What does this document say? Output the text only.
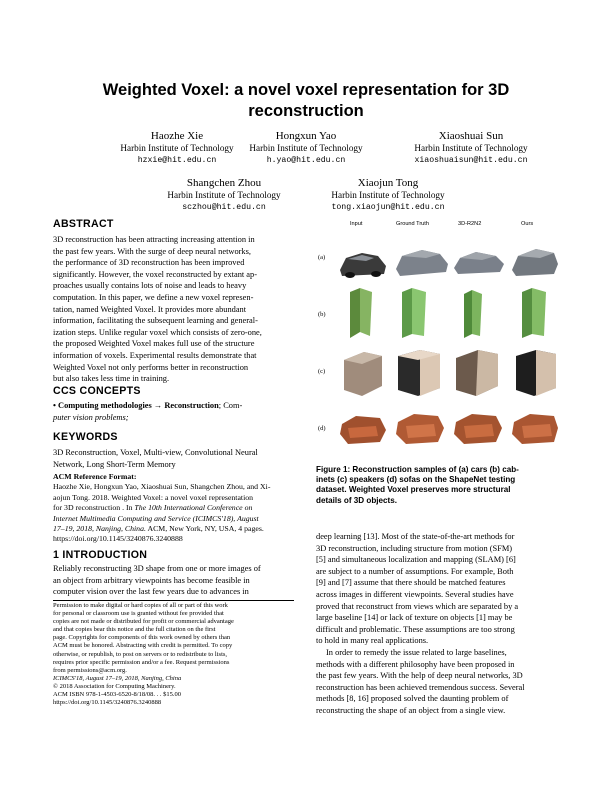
Weighted Voxel: a novel voxel representation for 3D
reconstruction
Haozhe Xie
Harbin Institute of Technology
hzxie@hit.edu.cn
Hongxun Yao
Harbin Institute of Technology
h.yao@hit.edu.cn
Xiaoshuai Sun
Harbin Institute of Technology
xiaoshuaisun@hit.edu.cn
Shangchen Zhou
Harbin Institute of Technology
sczhou@hit.edu.cn
Xiaojun Tong
Harbin Institute of Technology
tong.xiaojun@hit.edu.cn
ABSTRACT

3D reconstruction has been attracting increasing attention in

the past few years. With the surge of deep neural networks,

the performance of 3D reconstruction has been improved

significantly. However, the voxel reconstructed by extant ap-

proaches usually contains lots of noise and leads to heavy

computation. In this paper, we define a new voxel represen-

tation, named Weighted Voxel. It provides more abundant

information, facilitating the subsequent learning and general-

ization steps. Unlike regular voxel which consists of zero-one,

the proposed Weighted Voxel makes full use of the structure

information of voxels. Experimental results demonstrate that

Weighted Voxel not only performs better in reconstruction

but also takes less time in training.

CCS CONCEPTS

• Computing methodologies → Reconstruction; Com-

puter vision problems;

KEYWORDS

3D Reconstruction, Voxel, Multi-view, Convolutional Neural

Network, Long Short-Term Memory

ACM Reference Format:

Haozhe Xie, Hongxun Yao, Xiaoshuai Sun, Shangchen Zhou, and Xi-

aojun Tong. 2018. Weighted Voxel: a novel voxel representation

for 3D reconstruction . In The 10th International Conference on

Internet Multimedia Computing and Service (ICIMCS'18), August

17–19, 2018, Nanjing, China. ACM, New York, NY, USA, 4 pages.

https://doi.org/10.1145/3240876.3240888

1 INTRODUCTION

Reliably reconstructing 3D shape from one or more images of

an object from arbitrary viewpoints has become feasible in

computer vision over the last few years due to advances in

Permission to make digital or hard copies of all or part of this work

for personal or classroom use is granted without fee provided that

copies are not made or distributed for profit or commercial advantage

and that copies bear this notice and the full citation on the first

page. Copyrights for components of this work owned by others than

ACM must be honored. Abstracting with credit is permitted. To copy

otherwise, or republish, to post on servers or to redistribute to lists,

requires prior specific permission and/or a fee. Request permissions

from permissions@acm.org.

ICIMCS'18, August 17–19, 2018, Nanjing, China

© 2018 Association for Computing Machinery.

ACM ISBN 978-1-4503-6520-8/18/08. . . $15.00

https://doi.org/10.1145/3240876.3240888

Input	Ground Truth	3D-R2N2	Ours
(a)
(b)
(c)
(d)

Figure 1: Reconstruction samples of (a) cars (b) cab-

inets (c) speakers (d) sofas on the ShapeNet testing

dataset. Weighted Voxel preserves more structural

details of 3D objects.

deep learning [13]. Most of the state-of-the-art methods for

3D reconstruction, including structure from motion (SFM)

[5] and simultaneous localization and mapping (SLAM) [6]

are subject to a number of assumptions. For example, Both

[9] and [7] assume that there should be matched features

across images in different viewpoints. Several studies have

proved that reconstruct from views which are separated by a

large baseline [14] or lack of texture on objects [1] may be

difficult and problematic. These assumptions are too strong

to hold in many real applications.

In order to remedy the issue related to large baselines,

methods with a different philosophy have been proposed in

the past few years. With the help of deep neural networks, 3D

reconstruction has been achieved tremendous success. Several

methods [8, 16] proposed solved the daunting problem of

reconstructing the shape of an object from a single view.
